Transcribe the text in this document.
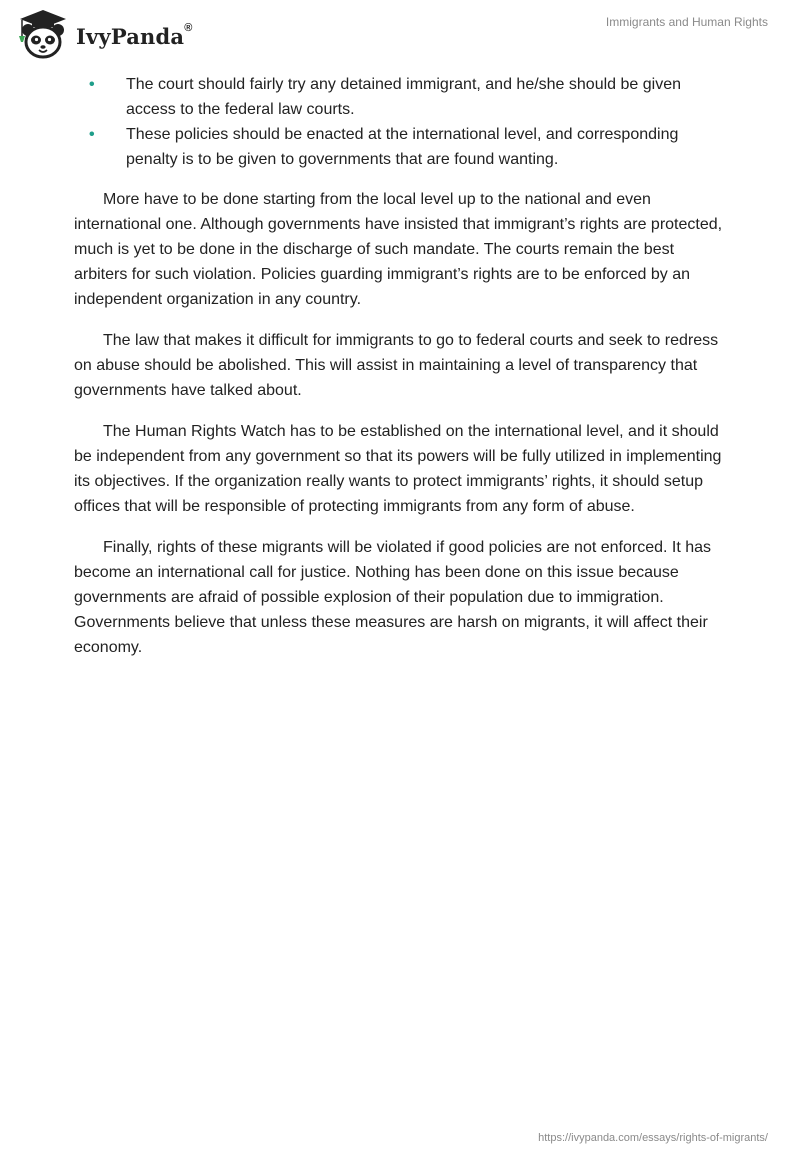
IvyPanda®	Immigrants and Human Rights
• The court should fairly try any detained immigrant, and he/she should be given access to the federal law courts.
• These policies should be enacted at the international level, and corresponding penalty is to be given to governments that are found wanting.

More have to be done starting from the local level up to the national and even international one. Although governments have insisted that immigrant’s rights are protected, much is yet to be done in the discharge of such mandate. The courts remain the best arbiters for such violation. Policies guarding immigrant’s rights are to be enforced by an independent organization in any country.

The law that makes it difficult for immigrants to go to federal courts and seek to redress on abuse should be abolished. This will assist in maintaining a level of transparency that governments have talked about.

The Human Rights Watch has to be established on the international level, and it should be independent from any government so that its powers will be fully utilized in implementing its objectives. If the organization really wants to protect immigrants’ rights, it should setup offices that will be responsible of protecting immigrants from any form of abuse.

Finally, rights of these migrants will be violated if good policies are not enforced. It has become an international call for justice. Nothing has been done on this issue because governments are afraid of possible explosion of their population due to immigration. Governments believe that unless these measures are harsh on migrants, it will affect their economy.

https://ivypanda.com/essays/rights-of-migrants/
